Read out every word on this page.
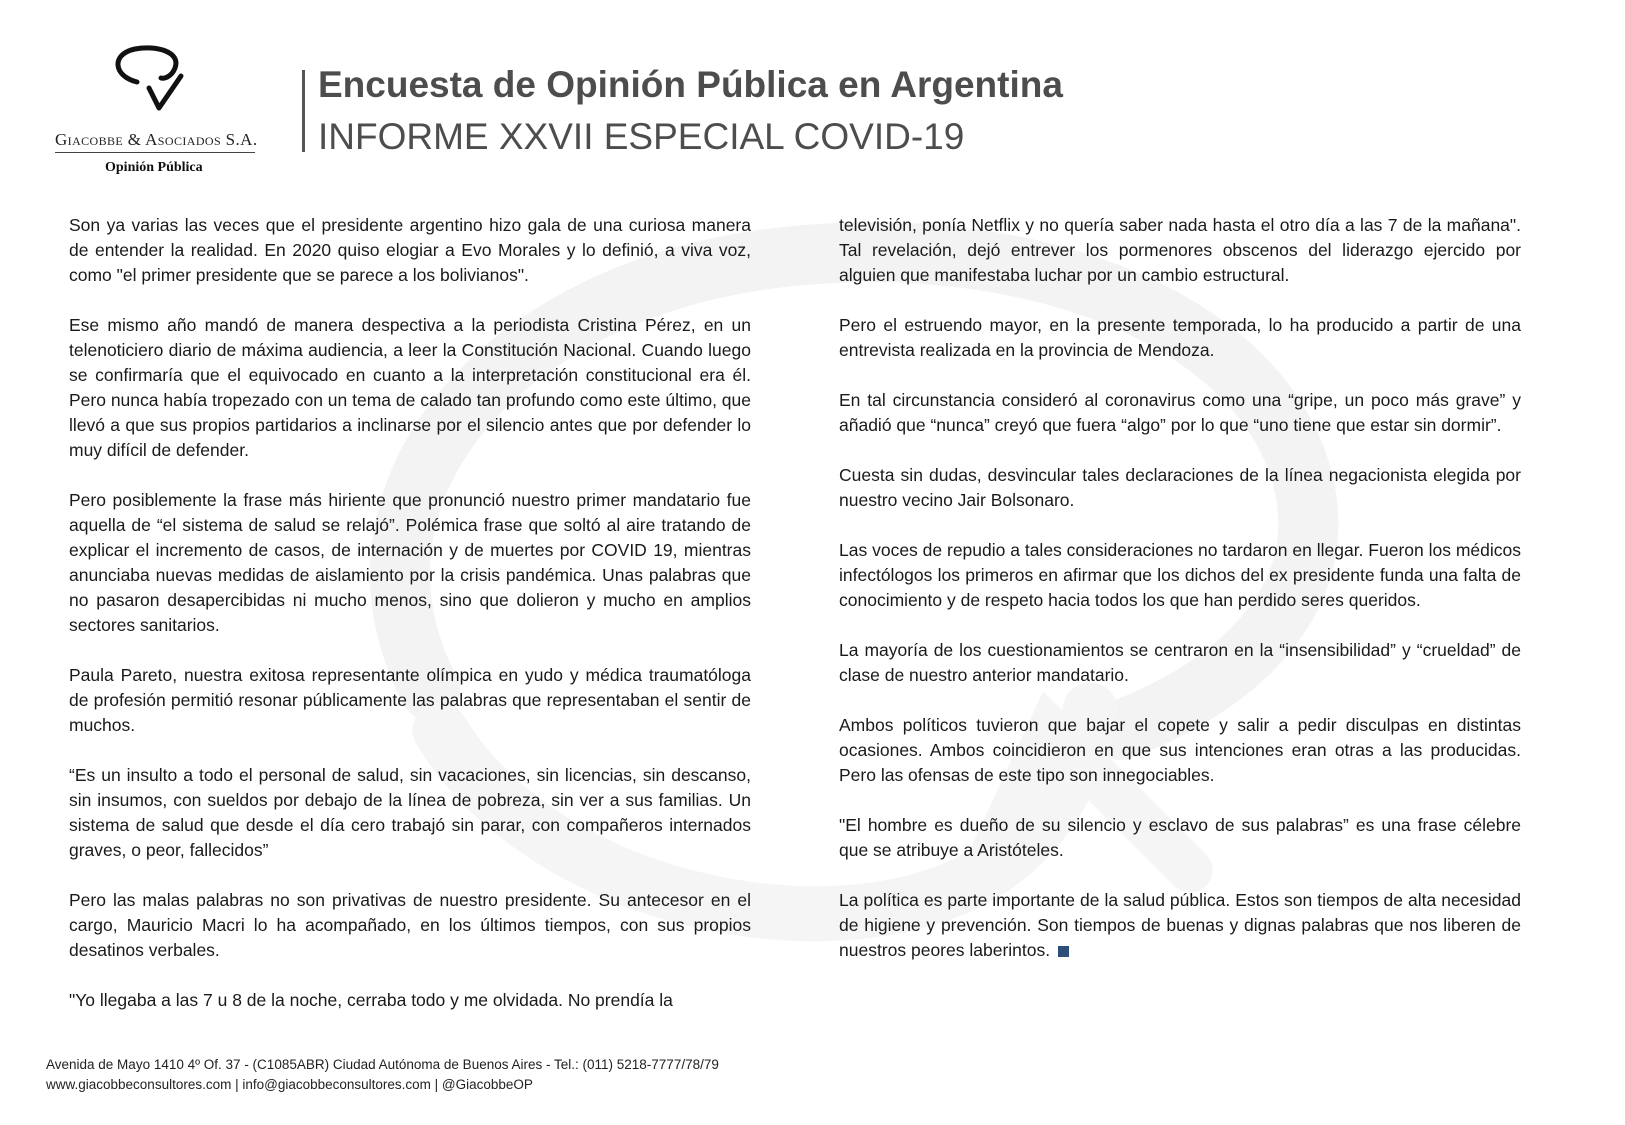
Giacobbe & Asociados S.A.
Opinión Pública
Encuesta de Opinión Pública en Argentina
INFORME XXVII ESPECIAL COVID-19

Son ya varias las veces que el presidente argentino hizo gala de una curiosa manera de entender la realidad. En 2020 quiso elogiar a Evo Morales y lo definió, a viva voz, como "el primer presidente que se parece a los bolivianos".

Ese mismo año mandó de manera despectiva a la periodista Cristina Pérez, en un telenoticiero diario de máxima audiencia, a leer la Constitución Nacional. Cuando luego se confirmaría que el equivocado en cuanto a la interpretación constitucional era él. Pero nunca había tropezado con un tema de calado tan profundo como este último, que llevó a que sus propios partidarios a inclinarse por el silencio antes que por defender lo muy difícil de defender.

Pero posiblemente la frase más hiriente que pronunció nuestro primer mandatario fue aquella de “el sistema de salud se relajó”. Polémica frase que soltó al aire tratando de explicar el incremento de casos, de internación y de muertes por COVID 19, mientras anunciaba nuevas medidas de aislamiento por la crisis pandémica. Unas palabras que no pasaron desapercibidas ni mucho menos, sino que dolieron y mucho en amplios sectores sanitarios.

Paula Pareto, nuestra exitosa representante olímpica en yudo y médica traumatóloga de profesión permitió resonar públicamente las palabras que representaban el sentir de muchos.

“Es un insulto a todo el personal de salud, sin vacaciones, sin licencias, sin descanso, sin insumos, con sueldos por debajo de la línea de pobreza, sin ver a sus familias. Un sistema de salud que desde el día cero trabajó sin parar, con compañeros internados graves, o peor, fallecidos”

Pero las malas palabras no son privativas de nuestro presidente. Su antecesor en el cargo, Mauricio Macri lo ha acompañado, en los últimos tiempos, con sus propios desatinos verbales.

"Yo llegaba a las 7 u 8 de la noche, cerraba todo y me olvidada. No prendía la

televisión, ponía Netflix y no quería saber nada hasta el otro día a las 7 de la mañana". Tal revelación, dejó entrever los pormenores obscenos del liderazgo ejercido por alguien que manifestaba luchar por un cambio estructural.

Pero el estruendo mayor, en la presente temporada, lo ha producido a partir de una entrevista realizada en la provincia de Mendoza.

En tal circunstancia consideró al coronavirus como una “gripe, un poco más grave” y añadió que “nunca” creyó que fuera “algo” por lo que “uno tiene que estar sin dormir”.

Cuesta sin dudas, desvincular tales declaraciones de la línea negacionista elegida por nuestro vecino Jair Bolsonaro.

Las voces de repudio a tales consideraciones no tardaron en llegar. Fueron los médicos infectólogos los primeros en afirmar que los dichos del ex presidente funda una falta de conocimiento y de respeto hacia todos los que han perdido seres queridos.

La mayoría de los cuestionamientos se centraron en la “insensibilidad” y “crueldad” de clase de nuestro anterior mandatario.

Ambos políticos tuvieron que bajar el copete y salir a pedir disculpas en distintas ocasiones. Ambos coincidieron en que sus intenciones eran otras a las producidas. Pero las ofensas de este tipo son innegociables.

"El hombre es dueño de su silencio y esclavo de sus palabras” es una frase célebre que se atribuye a Aristóteles.

La política es parte importante de la salud pública. Estos son tiempos de alta necesidad de higiene y prevención. Son tiempos de buenas y dignas palabras que nos liberen de nuestros peores laberintos.

Avenida de Mayo 1410 4º Of. 37 - (C1085ABR) Ciudad Autónoma de Buenos Aires - Tel.: (011) 5218-7777/78/79
www.giacobbeconsultores.com | info@giacobbeconsultores.com | @GiacobbeOP
